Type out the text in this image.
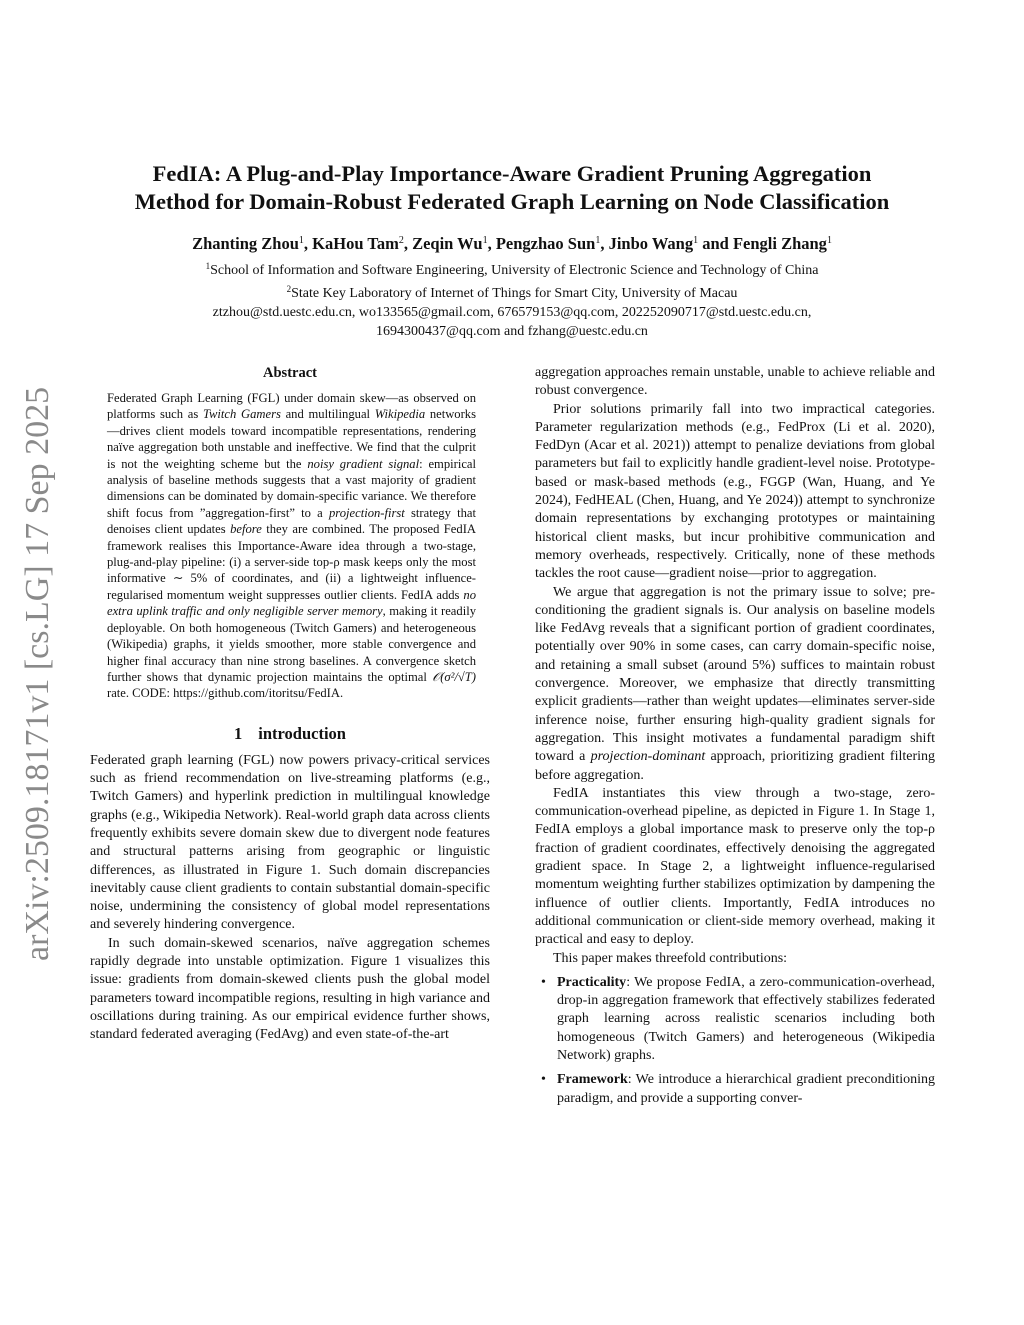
arXiv:2509.18171v1 [cs.LG] 17 Sep 2025
FedIA: A Plug-and-Play Importance-Aware Gradient Pruning Aggregation
Method for Domain-Robust Federated Graph Learning on Node Classification
Zhanting Zhou$^1$, KaHou Tam$^2$, Zeqin Wu$^1$, Pengzhao Sun$^1$, Jinbo Wang$^1$ and Fengli Zhang$^1$
$^1$School of Information and Software Engineering, University of Electronic Science and Technology of China
$^2$State Key Laboratory of Internet of Things for Smart City, University of Macau
ztzhou@std.uestc.edu.cn, wo133565@gmail.com, 676579153@qq.com, 202252090717@std.uestc.edu.cn,
1694300437@qq.com and fzhang@uestc.edu.cn
Abstract

Federated Graph Learning (FGL) under domain skew—as observed on platforms such as Twitch Gamers and multilingual Wikipedia networks—drives client models toward incompatible representations, rendering naïve aggregation both unstable and ineffective. We find that the culprit is not the weighting scheme but the noisy gradient signal: empirical analysis of baseline methods suggests that a vast majority of gradient dimensions can be dominated by domain-specific variance. We therefore shift focus from ”aggregation-first” to a projection-first strategy that denoises client updates before they are combined. The proposed FedIA framework realises this Importance-Aware idea through a two-stage, plug-and-play pipeline: (i) a server-side top-ρ mask keeps only the most informative ∼ 5% of coordinates, and (ii) a lightweight influence-regularised momentum weight suppresses outlier clients. FedIA adds no extra uplink traffic and only negligible server memory, making it readily deployable. On both homogeneous (Twitch Gamers) and heterogeneous (Wikipedia) graphs, it yields smoother, more stable convergence and higher final accuracy than nine strong baselines. A convergence sketch further shows that dynamic projection maintains the optimal 𝒪(σ²/√T) rate. CODE: https://github.com/itoritsu/FedIA.

1 introduction

Federated graph learning (FGL) now powers privacy-critical services such as friend recommendation on live-streaming platforms (e.g., Twitch Gamers) and hyperlink prediction in multilingual knowledge graphs (e.g., Wikipedia Network). Real-world graph data across clients frequently exhibits severe domain skew due to divergent node features and structural patterns arising from geographic or linguistic differences, as illustrated in Figure 1. Such domain discrepancies inevitably cause client gradients to contain substantial domain-specific noise, undermining the consistency of global model representations and severely hindering convergence.

In such domain-skewed scenarios, naïve aggregation schemes rapidly degrade into unstable optimization. Figure 1 visualizes this issue: gradients from domain-skewed clients push the global model parameters toward incompatible regions, resulting in high variance and oscillations during training. As our empirical evidence further shows, standard federated averaging (FedAvg) and even state-of-the-art

aggregation approaches remain unstable, unable to achieve reliable and robust convergence.

Prior solutions primarily fall into two impractical categories. Parameter regularization methods (e.g., FedProx (Li et al. 2020), FedDyn (Acar et al. 2021)) attempt to penalize deviations from global parameters but fail to explicitly handle gradient-level noise. Prototype-based or mask-based methods (e.g., FGGP (Wan, Huang, and Ye 2024), FedHEAL (Chen, Huang, and Ye 2024)) attempt to synchronize domain representations by exchanging prototypes or maintaining historical client masks, but incur prohibitive communication and memory overheads, respectively. Critically, none of these methods tackles the root cause—gradient noise—prior to aggregation.

We argue that aggregation is not the primary issue to solve; pre-conditioning the gradient signals is. Our analysis on baseline models like FedAvg reveals that a significant portion of gradient coordinates, potentially over 90% in some cases, can carry domain-specific noise, and retaining a small subset (around 5%) suffices to maintain robust convergence. Moreover, we emphasize that directly transmitting explicit gradients—rather than weight updates—eliminates server-side inference noise, further ensuring high-quality gradient signals for aggregation. This insight motivates a fundamental paradigm shift toward a projection-dominant approach, prioritizing gradient filtering before aggregation.

FedIA instantiates this view through a two-stage, zero-communication-overhead pipeline, as depicted in Figure 1. In Stage 1, FedIA employs a global importance mask to preserve only the top-ρ fraction of gradient coordinates, effectively denoising the aggregated gradient space. In Stage 2, a lightweight influence-regularised momentum weighting further stabilizes optimization by dampening the influence of outlier clients. Importantly, FedIA introduces no additional communication or client-side memory overhead, making it practical and easy to deploy.

This paper makes threefold contributions:

• Practicality: We propose FedIA, a zero-communication-overhead, drop-in aggregation framework that effectively stabilizes federated graph learning across realistic scenarios including both homogeneous (Twitch Gamers) and heterogeneous (Wikipedia Network) graphs.
• Framework: We introduce a hierarchical gradient preconditioning paradigm, and provide a supporting conver-
